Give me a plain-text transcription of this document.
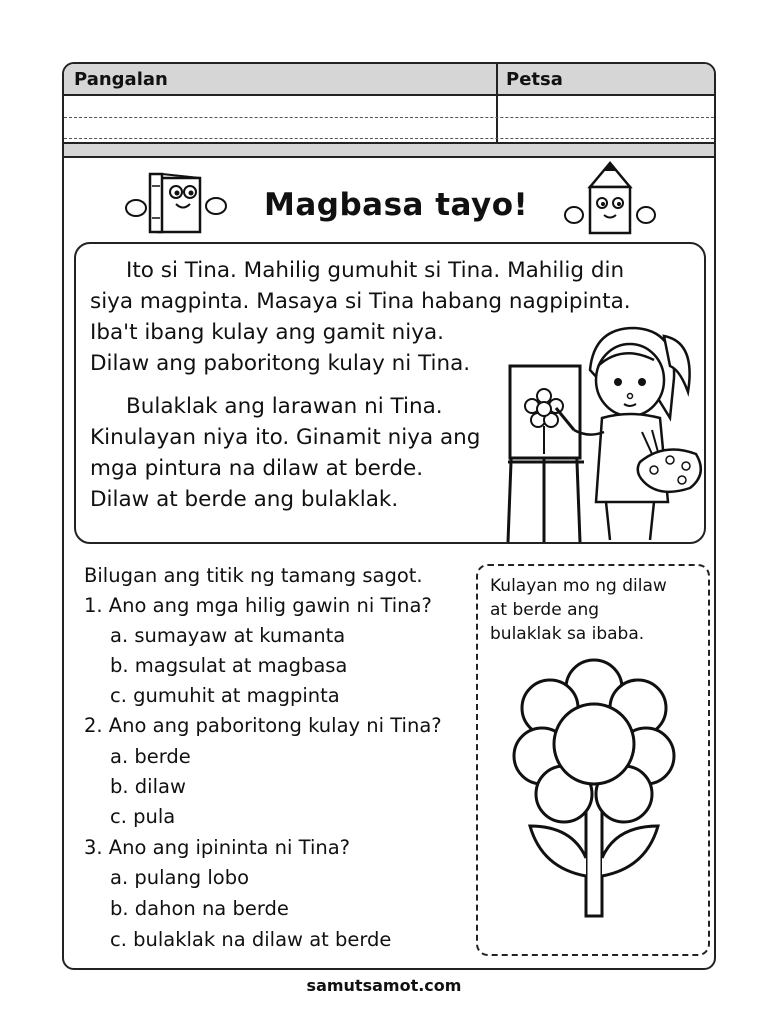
Pangalan	Petsa
Magbasa tayo!
Ito si Tina. Mahilig gumuhit si Tina. Mahilig din
siya magpinta. Masaya si Tina habang nagpipinta.
Iba't ibang kulay ang gamit niya.
Dilaw ang paboritong kulay ni Tina.
Bulaklak ang larawan ni Tina.
Kinulayan niya ito. Ginamit niya ang
mga pintura na dilaw at berde.
Dilaw at berde ang bulaklak.
Bilugan ang titik ng tamang sagot.
1. Ano ang mga hilig gawin ni Tina?
a. sumayaw at kumanta
b. magsulat at magbasa
c. gumuhit at magpinta
2. Ano ang paboritong kulay ni Tina?
a. berde
b. dilaw
c. pula
3. Ano ang ipininta ni Tina?
a. pulang lobo
b. dahon na berde
c. bulaklak na dilaw at berde
Kulayan mo ng dilaw
at berde ang
bulaklak sa ibaba.
samutsamot.com
